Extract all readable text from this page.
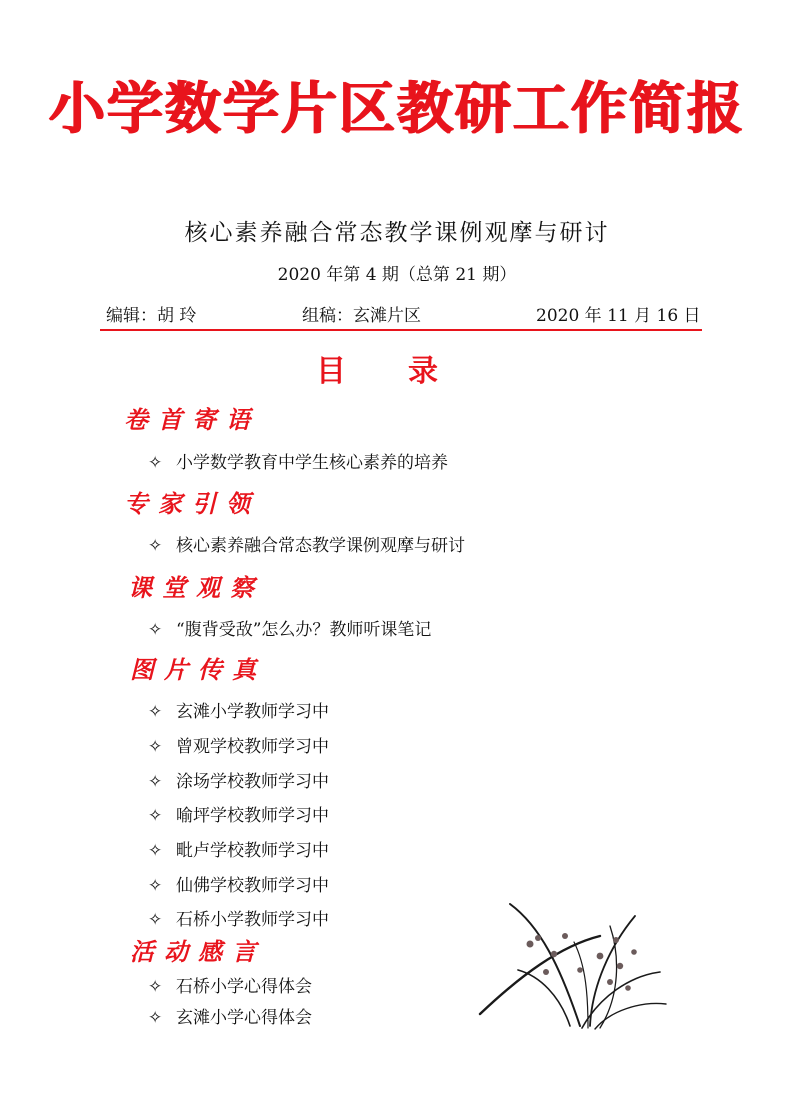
小学数学片区教研工作简报
核心素养融合常态教学课例观摩与研讨
2020 年第 4 期（总第 21 期）
编辑：胡 玲	组稿：玄滩片区	2020 年 11 月 16 日
目录
卷首寄语
✧ 小学数学教育中学生核心素养的培养
专家引领
✧ 核心素养融合常态教学课例观摩与研讨
课堂观察
✧ “腹背受敌”怎么办？教师听课笔记
图片传真
✧ 玄滩小学教师学习中
✧ 曾观学校教师学习中
✧ 涂场学校教师学习中
✧ 喻坪学校教师学习中
✧ 毗卢学校教师学习中
✧ 仙佛学校教师学习中
✧ 石桥小学教师学习中
活动感言
✧ 石桥小学心得体会
✧ 玄滩小学心得体会
